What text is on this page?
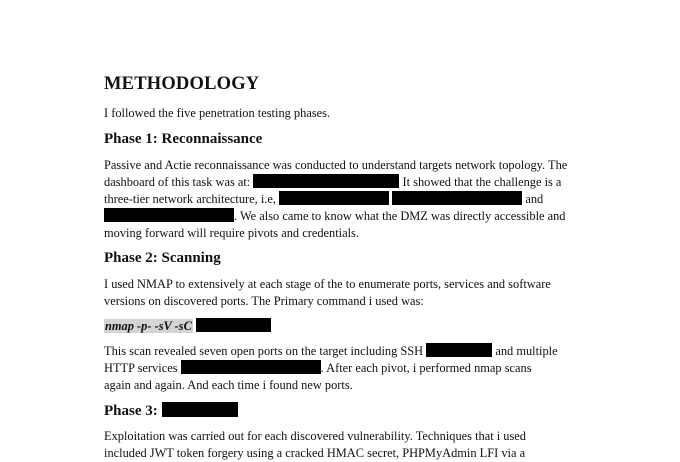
METHODOLOGY

I followed the five penetration testing phases.

Phase 1: Reconnaissance
Passive and Actie reconnaissance was conducted to understand targets network topology. The
dashboard of this task was at:	It showed that the challenge is a
three-tier network architecture, i.e,	and
. We also came to know what the DMZ was directly accessible and
moving forward will require pivots and credentials.
Phase 2: Scanning
I used NMAP to extensively at each stage of the to enumerate ports, services and software
versions on discovered ports. The Primary command i used was:
nmap -p- -sV -sC
This scan revealed seven open ports on the target including SSH	and multiple
HTTP services	. After each pivot, i performed nmap scans
again and again. And each time i found new ports.
Phase 3:
Exploitation was carried out for each discovered vulnerability. Techniques that i used
included JWT token forgery using a cracked HMAC secret, PHPMyAdmin LFI via a
